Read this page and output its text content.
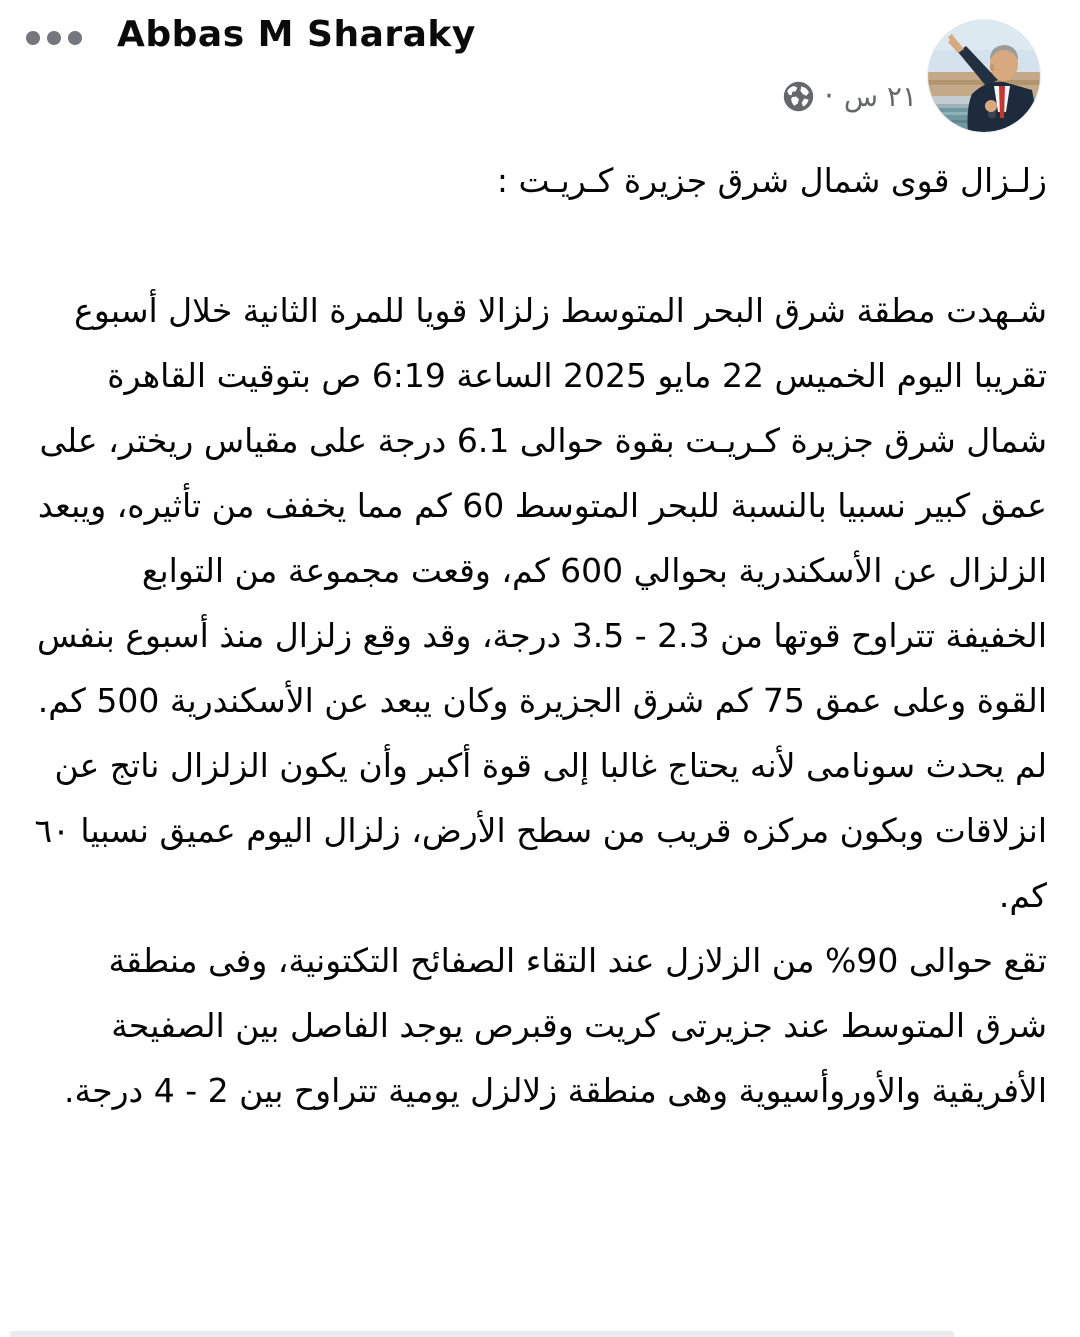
Abbas M Sharaky
٢١ س
·
زلـزال قوى شمال شرق جزيرة كـريـت :
شـهدت مطقة شرق البحر المتوسط زلزالا قويا للمرة الثانية خلال أسبوع تقريبا اليوم الخميس 22 مايو 2025 الساعة 6:19 ص بتوقيت القاهرة شمال شرق جزيرة كـريـت بقوة حوالى 6.1 درجة على مقياس ريختر، على عمق كبير نسبيا بالنسبة للبحر المتوسط 60 كم مما يخفف من تأثيره، ويبعد الزلزال عن الأسكندرية بحوالي 600 كم، وقعت مجموعة من التوابع الخفيفة تتراوح قوتها من 2.3 - 3.5 درجة، وقد وقع زلزال منذ أسبوع بنفس القوة وعلى عمق 75 كم شرق الجزيرة وكان يبعد عن الأسكندرية 500 كم.
لم يحدث سونامى لأنه يحتاج غالبا إلى قوة أكبر وأن يكون الزلزال ناتج عن انزلاقات وبكون مركزه قريب من سطح الأرض، زلزال اليوم عميق نسبيا ٦٠ كم.
تقع حوالى 90% من الزلازل عند التقاء الصفائح التكتونية، وفى منطقة شرق المتوسط عند جزيرتى كريت وقبرص يوجد الفاصل بين الصفيحة الأفريقية والأوروأسيوية وهى منطقة زلالزل يومية تتراوح بين 2 - 4 درجة.
